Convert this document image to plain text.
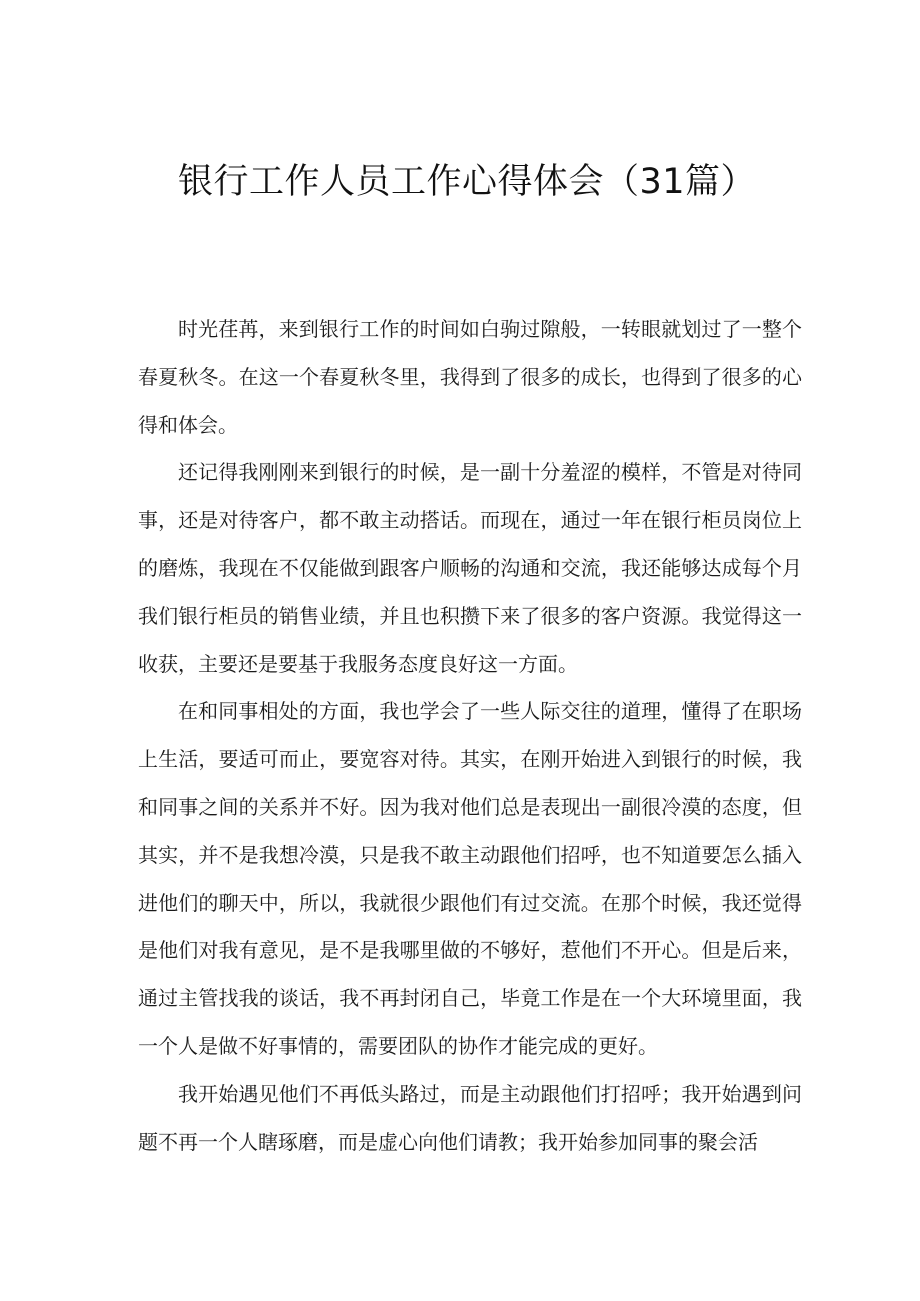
银行工作人员工作心得体会（31篇）

时光荏苒，来到银行工作的时间如白驹过隙般，一转眼就划过了一整个春夏秋冬。在这一个春夏秋冬里，我得到了很多的成长，也得到了很多的心得和体会。

还记得我刚刚来到银行的时候，是一副十分羞涩的模样，不管是对待同事，还是对待客户，都不敢主动搭话。而现在，通过一年在银行柜员岗位上的磨炼，我现在不仅能做到跟客户顺畅的沟通和交流，我还能够达成每个月我们银行柜员的销售业绩，并且也积攒下来了很多的客户资源。我觉得这一收获，主要还是要基于我服务态度良好这一方面。

在和同事相处的方面，我也学会了一些人际交往的道理，懂得了在职场上生活，要适可而止，要宽容对待。其实，在刚开始进入到银行的时候，我和同事之间的关系并不好。因为我对他们总是表现出一副很冷漠的态度，但其实，并不是我想冷漠，只是我不敢主动跟他们招呼，也不知道要怎么插入进他们的聊天中，所以，我就很少跟他们有过交流。在那个时候，我还觉得是他们对我有意见，是不是我哪里做的不够好，惹他们不开心。但是后来，通过主管找我的谈话，我不再封闭自己，毕竟工作是在一个大环境里面，我一个人是做不好事情的，需要团队的协作才能完成的更好。

我开始遇见他们不再低头路过，而是主动跟他们打招呼；我开始遇到问题不再一个人瞎琢磨，而是虚心向他们请教；我开始参加同事的聚会活
